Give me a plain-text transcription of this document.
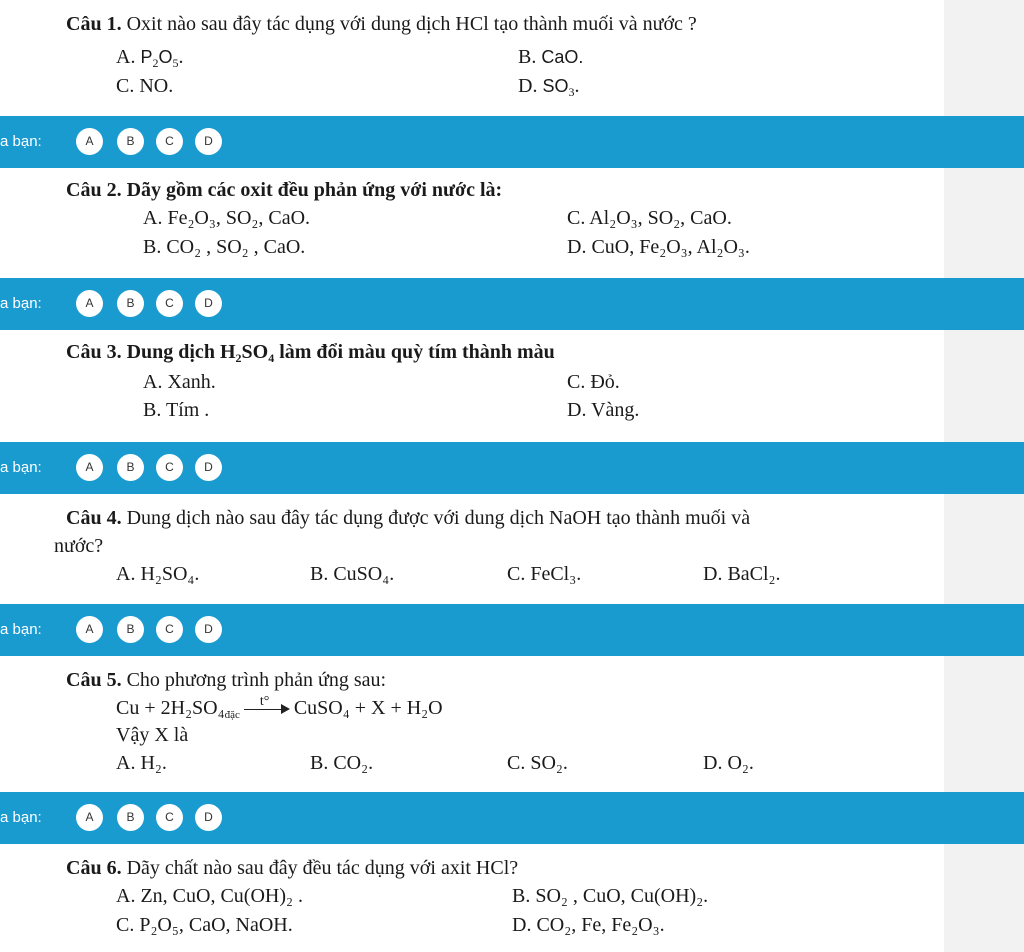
Câu 1. Oxit nào sau đây tác dụng với dung dịch HCl tạo thành muối và nước ?
A. $P_2O_5$.	B. CaO.
C. NO.	D. $SO_3$.
a bạn:	A	B	C	D
Câu 2. Dãy gồm các oxit đều phản ứng với nước là:
A. Fe₂O₃, SO₂, CaO.	C. Al₂O₃, SO₂, CaO.
B. CO₂ , SO₂ , CaO.	D. CuO, Fe₂O₃, Al₂O₃.
a bạn:	A	B	C	D
Câu 3. Dung dịch $H_2SO_4$ làm đổi màu quỳ tím thành màu
A. Xanh.	C. Đỏ.
B. Tím .	D. Vàng.
a bạn:	A	B	C	D
Câu 4. Dung dịch nào sau đây tác dụng được với dung dịch NaOH tạo thành muối và
nước?
A. H₂SO₄.	B. CuSO₄.	C. FeCl₃.	D. BaCl₂.
a bạn:	A	B	C	D
Câu 5. Cho phương trình phản ứng sau:
$Cu + 2H_2SO_4_{đặc}$
t° CuSO₄ + X + H₂O
Vậy X là
A. H₂.	B. CO₂.	C. SO₂.	D. O₂.
a bạn:	A	B	C	D
Câu 6. Dãy chất nào sau đây đều tác dụng với axit HCl?
A. Zn, CuO, Cu(OH)₂ .	B. SO₂ , CuO, Cu(OH)₂.
C. P₂O₅, CaO, NaOH.	D. CO₂, Fe, Fe₂O₃.
